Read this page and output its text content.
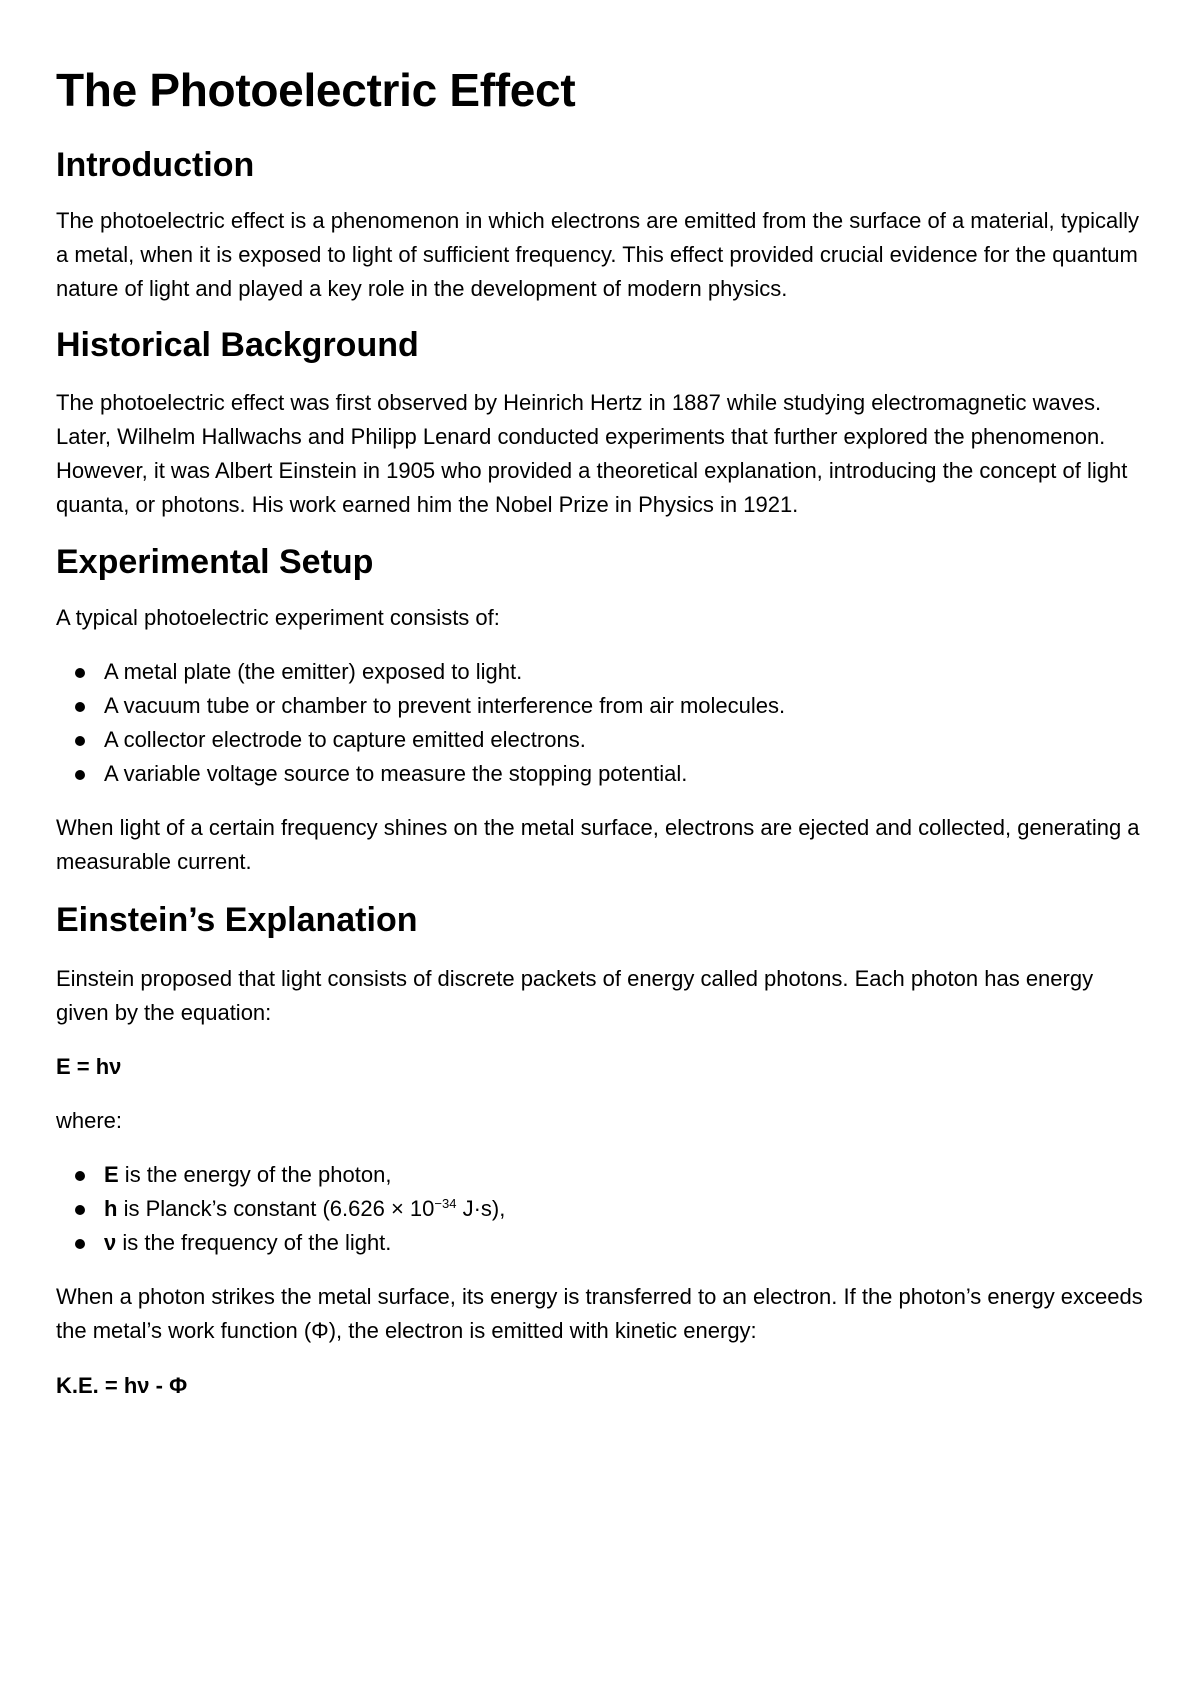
The Photoelectric Effect
Introduction

The photoelectric effect is a phenomenon in which electrons are emitted from the surface of a material, typically a metal, when it is exposed to light of sufficient frequency. This effect provided crucial evidence for the quantum nature of light and played a key role in the development of modern physics.

Historical Background

The photoelectric effect was first observed by Heinrich Hertz in 1887 while studying electromagnetic waves. Later, Wilhelm Hallwachs and Philipp Lenard conducted experiments that further explored the phenomenon. However, it was Albert Einstein in 1905 who provided a theoretical explanation, introducing the concept of light quanta, or photons. His work earned him the Nobel Prize in Physics in 1921.

Experimental Setup

A typical photoelectric experiment consists of:

A metal plate (the emitter) exposed to light.
A vacuum tube or chamber to prevent interference from air molecules.
A collector electrode to capture emitted electrons.
A variable voltage source to measure the stopping potential.

When light of a certain frequency shines on the metal surface, electrons are ejected and collected, generating a measurable current.

Einstein’s Explanation

Einstein proposed that light consists of discrete packets of energy called photons. Each photon has energy given by the equation:

E = hν

where:

E is the energy of the photon,
h is Planck’s constant ($6.626 \times 10^{-34}$ J·s),
ν is the frequency of the light.

When a photon strikes the metal surface, its energy is transferred to an electron. If the photon’s energy exceeds the metal’s work function (Φ), the electron is emitted with kinetic energy:

K.E. = hν - Φ
